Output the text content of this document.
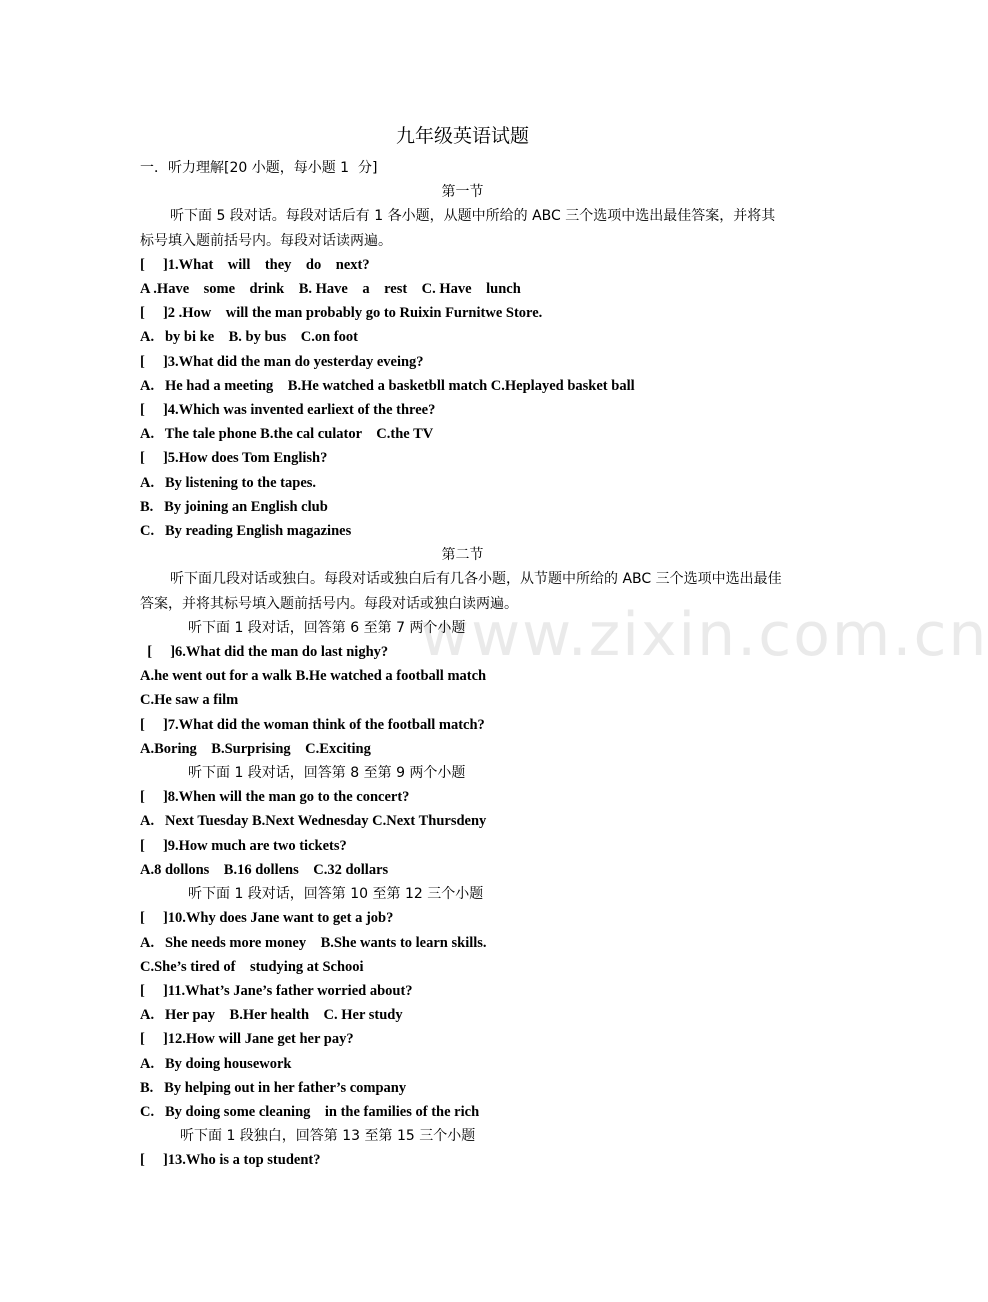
www.zixin.com.cn
九年级英语试题
一．听力理解[20 小题，每小题 1  分]
第一节
听下面 5 段对话。每段对话后有 1 各小题，从题中所给的 ABC 三个选项中选出最佳答案，并将其标号填入题前括号内。每段对话读两遍。
[     ]1.What    will    they    do    next?
A .Have    some    drink    B. Have    a    rest    C. Have    lunch
[     ]2 .How    will the man probably go to Ruixin Furnitwe Store.
A.   by bi ke    B. by bus    C.on foot
[     ]3.What did the man do yesterday eveing?
A.   He had a meeting    B.He watched a basketbll match C.Heplayed basket ball
[     ]4.Which was invented earliext of the three?
A.   The tale phone B.the cal culator    C.the TV
[     ]5.How does Tom English?
A.   By listening to the tapes.
B.   By joining an English club
C.   By reading English magazines
第二节
听下面几段对话或独白。每段对话或独白后有几各小题，从节题中所给的 ABC 三个选项中选出最佳答案，并将其标号填入题前括号内。每段对话或独白读两遍。
听下面 1 段对话，回答第 6 至第 7 两个小题
[     ]6.What did the man do last nighy?
A.he went out for a walk B.He watched a football match
C.He saw a film
[     ]7.What did the woman think of the football match?
A.Boring    B.Surprising    C.Exciting
听下面 1 段对话，回答第 8 至第 9 两个小题
[     ]8.When will the man go to the concert?
A.   Next Tuesday B.Next Wednesday C.Next Thursdeny
[     ]9.How much are two tickets?
A.8 dollons    B.16 dollens    C.32 dollars
听下面 1 段对话，回答第 10 至第 12 三个小题
[     ]10.Why does Jane want to get a job?
A.   She needs more money    B.She wants to learn skills.
C.She’s tired of    studying at Schooi
[     ]11.What’s Jane’s father worried about?
A.   Her pay    B.Her health    C. Her study
[     ]12.How will Jane get her pay?
A.   By doing housework
B.   By helping out in her father’s company
C.   By doing some cleaning    in the families of the rich
听下面 1 段独白，回答第 13 至第 15 三个小题
[     ]13.Who is a top student?
